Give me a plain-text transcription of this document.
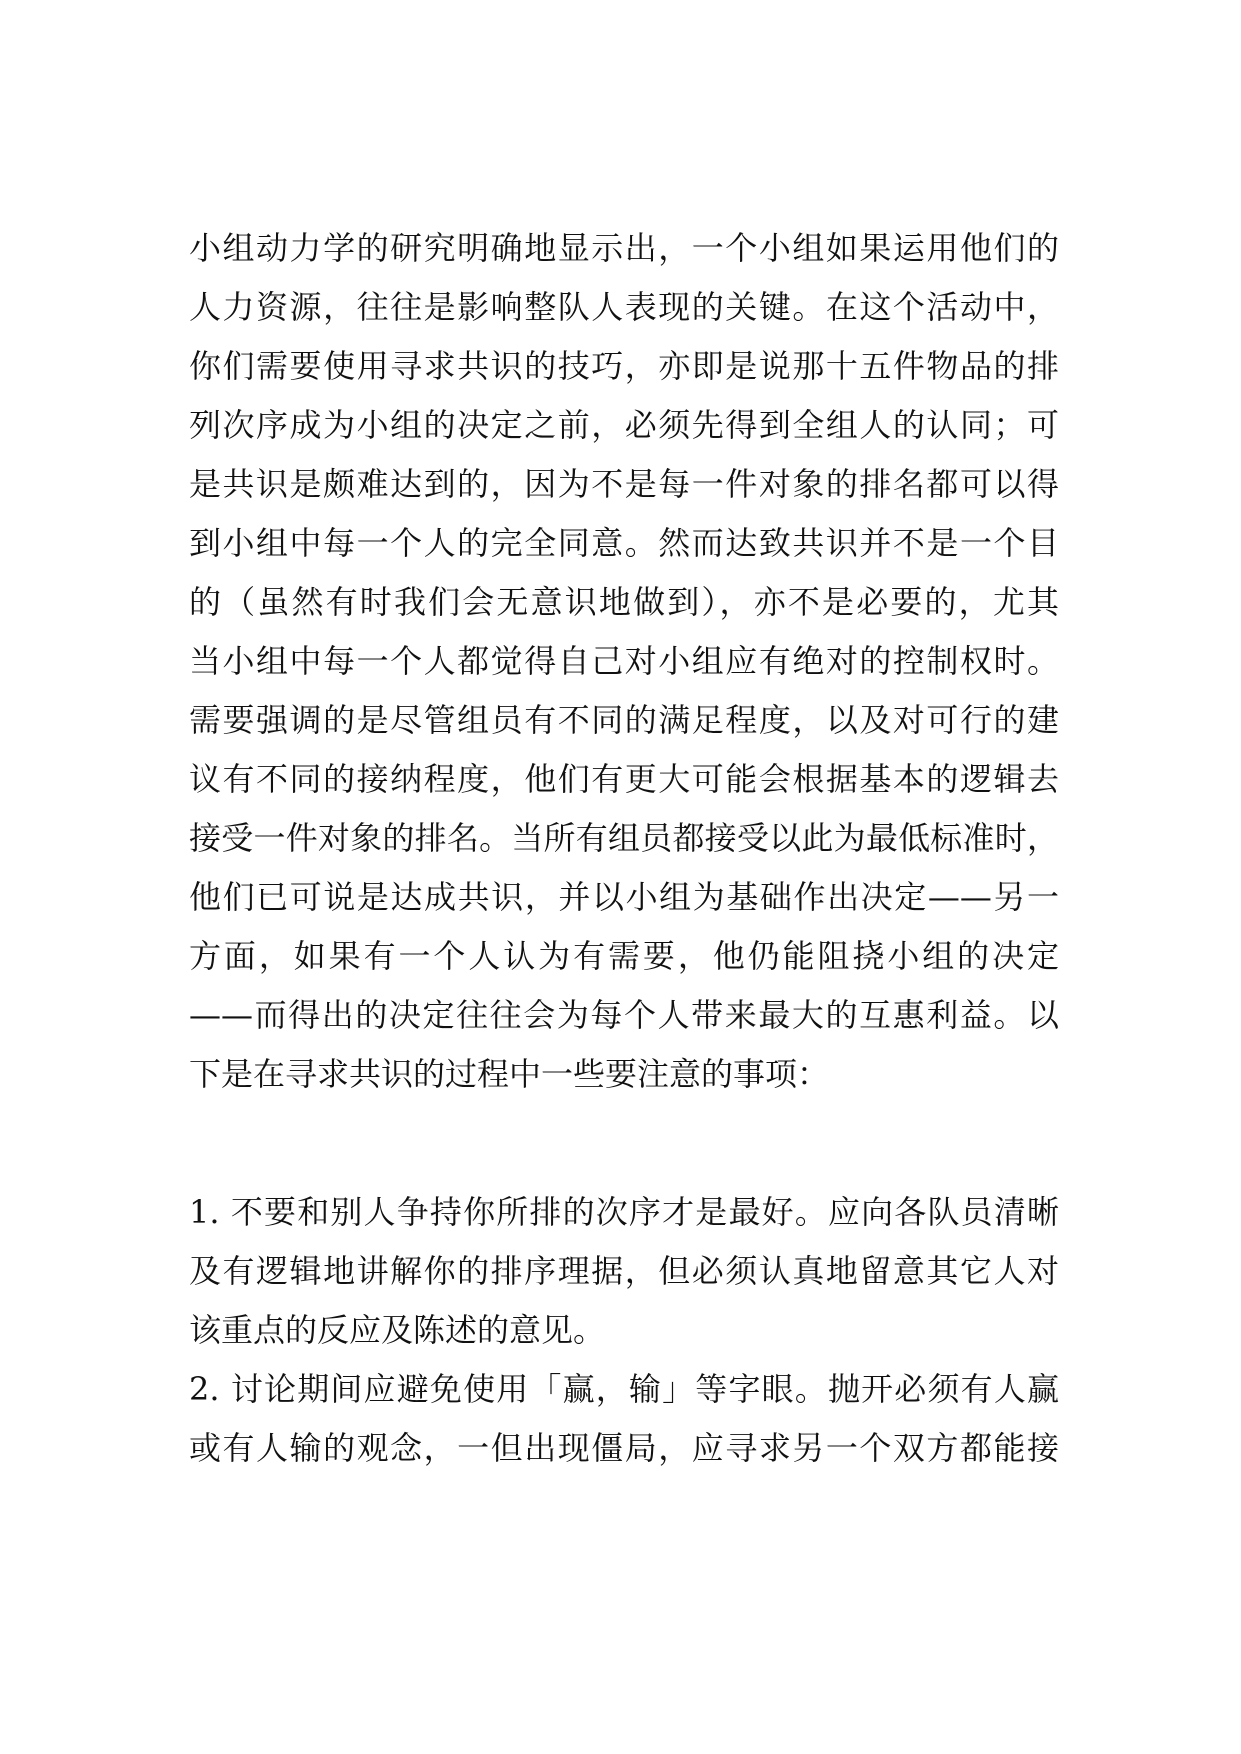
小组动力学的研究明确地显示出，一个小组如果运用他们的
人力资源，往往是影响整队人表现的关键。在这个活动中，
你们需要使用寻求共识的技巧，亦即是说那十五件物品的排
列次序成为小组的决定之前，必须先得到全组人的认同；可
是共识是颇难达到的，因为不是每一件对象的排名都可以得
到小组中每一个人的完全同意。然而达致共识并不是一个目
的（虽然有时我们会无意识地做到），亦不是必要的，尤其
当小组中每一个人都觉得自己对小组应有绝对的控制权时。
需要强调的是尽管组员有不同的满足程度，以及对可行的建
议有不同的接纳程度，他们有更大可能会根据基本的逻辑去
接受一件对象的排名。当所有组员都接受以此为最低标准时，
他们已可说是达成共识，并以小组为基础作出决定——另一
方面，如果有一个人认为有需要，他仍能阻挠小组的决定
——而得出的决定往往会为每个人带来最大的互惠利益。以
下是在寻求共识的过程中一些要注意的事项：
1. 不要和别人争持你所排的次序才是最好。应向各队员清晰
及有逻辑地讲解你的排序理据，但必须认真地留意其它人对
该重点的反应及陈述的意见。
2. 讨论期间应避免使用「赢，输」等字眼。抛开必须有人赢
或有人输的观念，一但出现僵局，应寻求另一个双方都能接
